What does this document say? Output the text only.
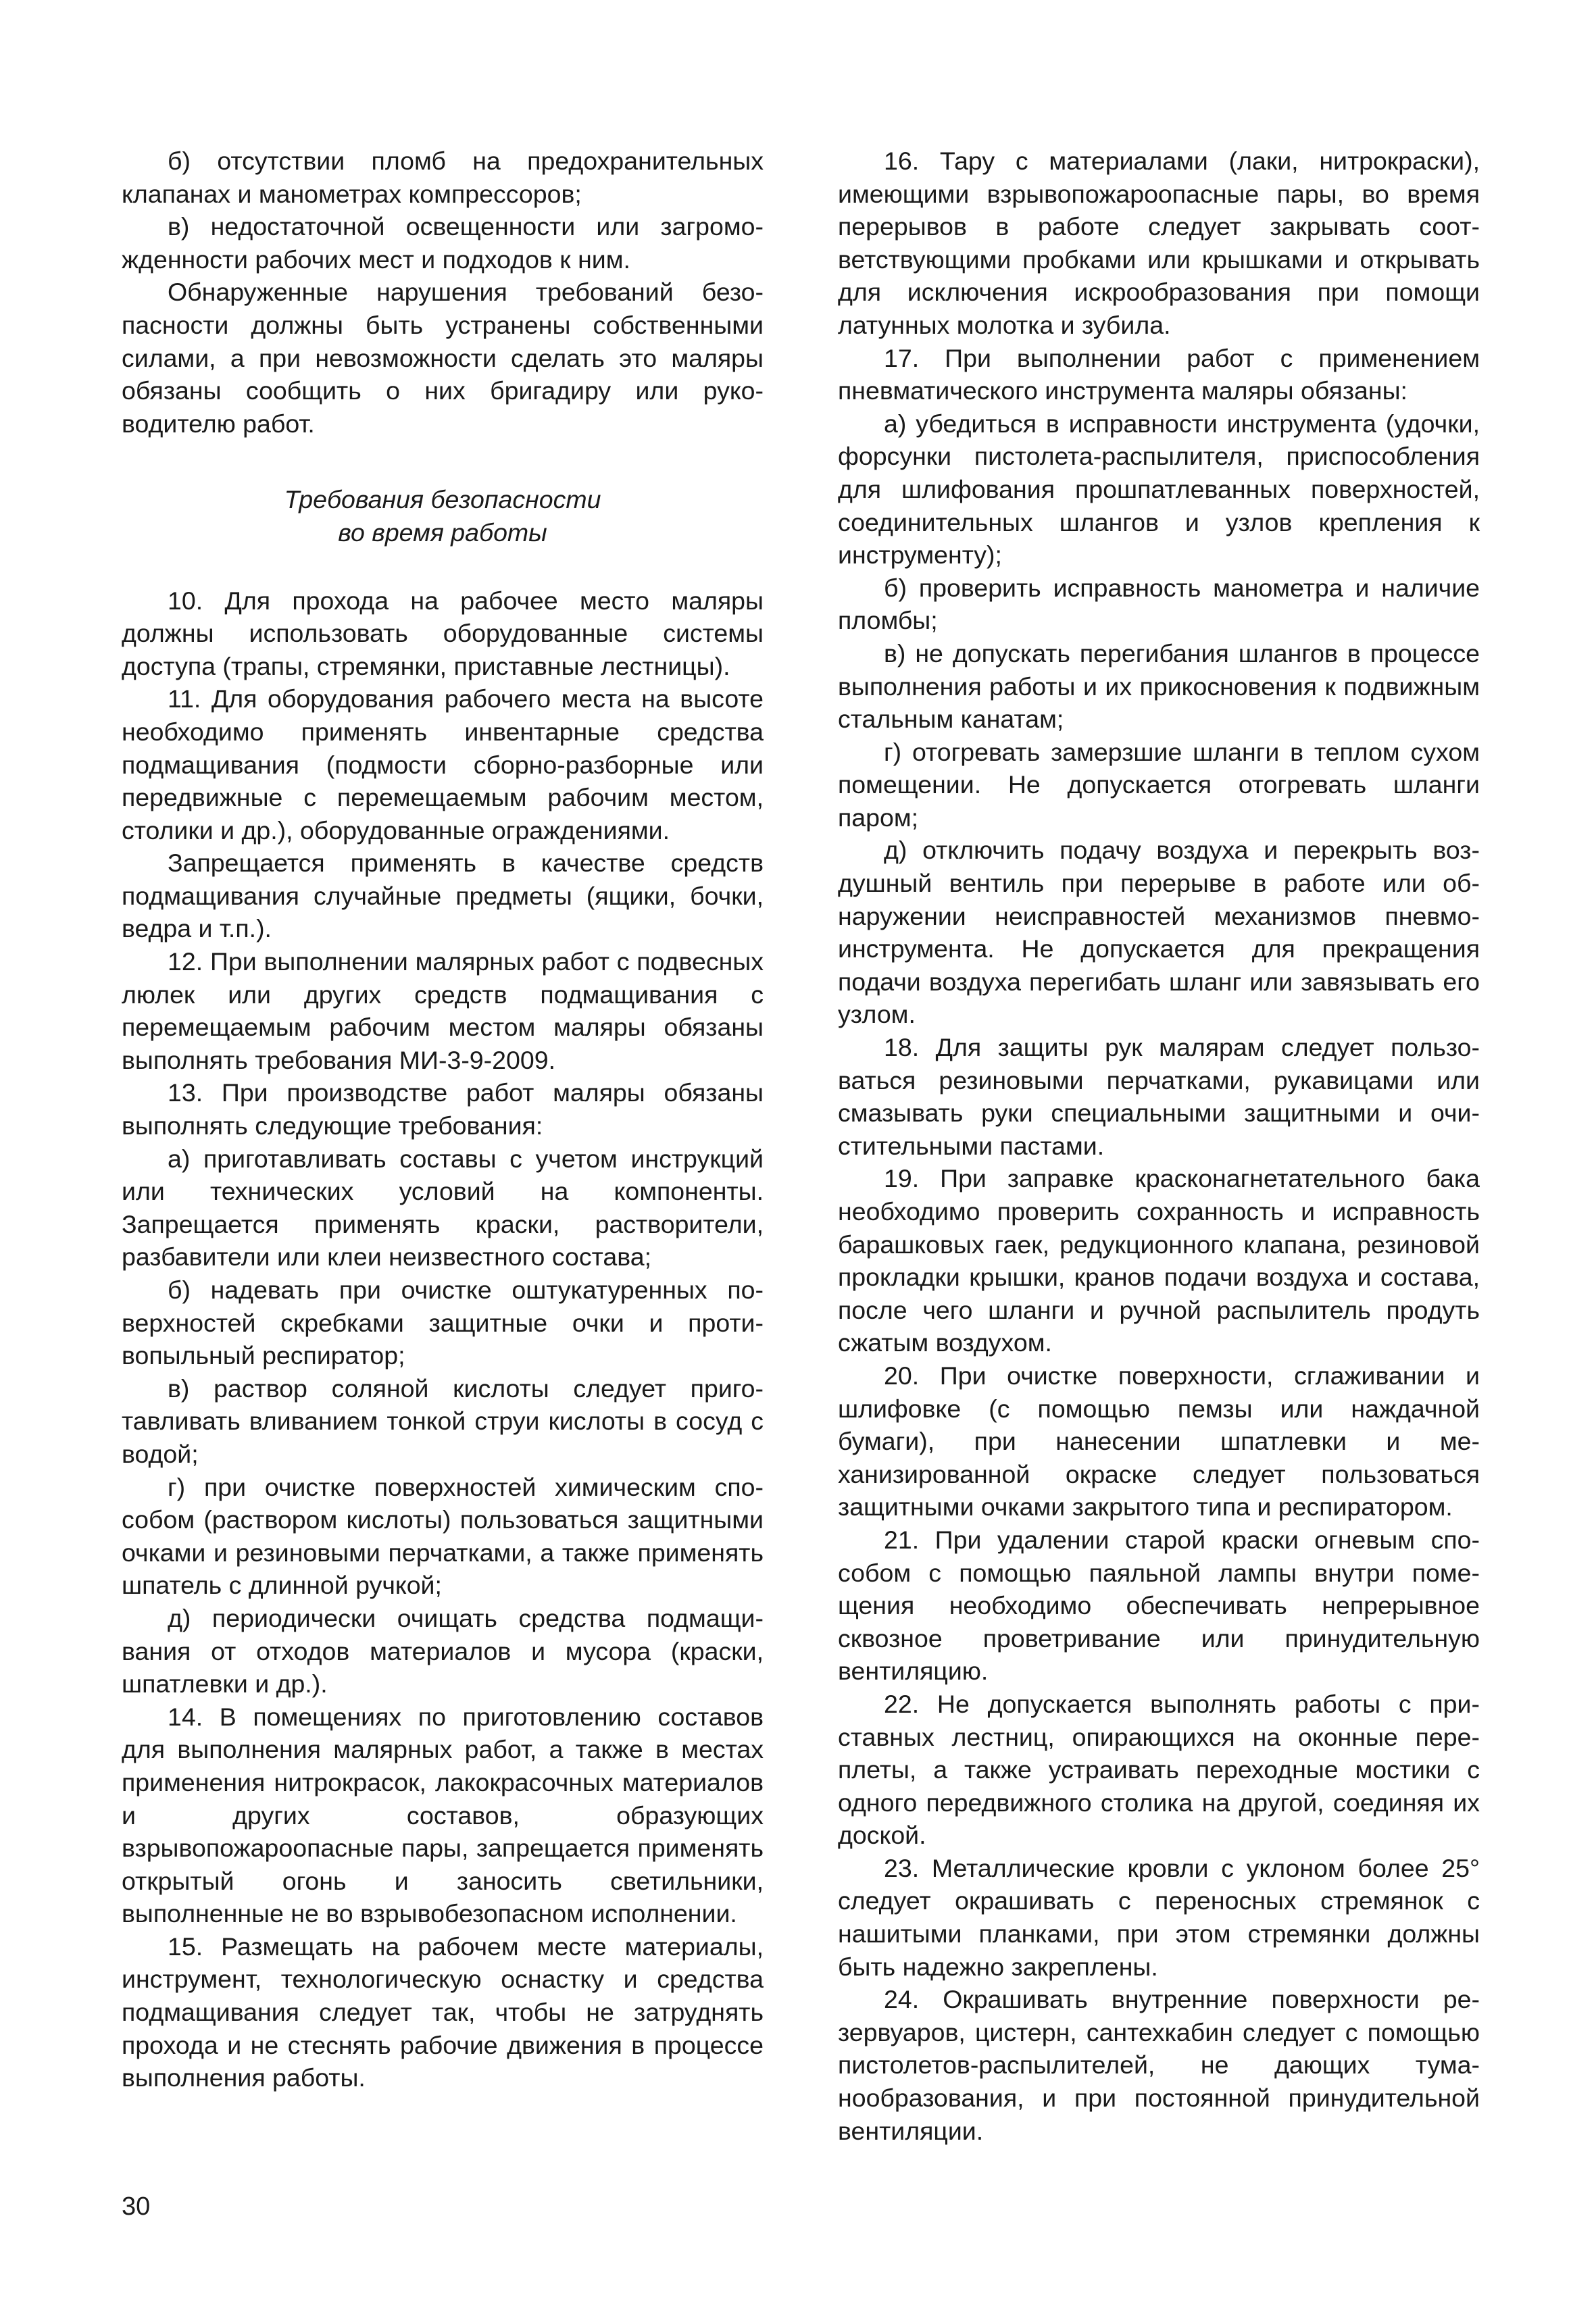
б) отсутствии пломб на предохранительных клапанах и манометрах компрессоров;

в) недостаточной освещенности или загроможденности рабочих мест и подходов к ним.

Обнаруженные нарушения требований безопасности должны быть устранены собственными силами, а при невозможности сделать это маляры обязаны сообщить о них бригадиру или руководителю работ.

Требования безопасности

во время работы

10. Для прохода на рабочее место маляры должны использовать оборудованные системы доступа (трапы, стремянки, приставные лестницы).

11. Для оборудования рабочего места на высоте необходимо применять инвентарные средства подмащивания (подмости сборно-разборные или передвижные с перемещаемым рабочим местом, столики и др.), оборудованные ограждениями.

Запрещается применять в качестве средств подмащивания случайные предметы (ящики, бочки, ведра и т.п.).

12. При выполнении малярных работ с подвесных люлек или других средств подмащивания с перемещаемым рабочим местом маляры обязаны выполнять требования МИ-3-9-2009.

13. При производстве работ маляры обязаны выполнять следующие требования:

а) приготавливать составы с учетом инструкций или технических условий на компоненты. Запрещается применять краски, растворители, разбавители или клеи неизвестного состава;

б) надевать при очистке оштукатуренных поверхностей скребками защитные очки и противопыльный респиратор;

в) раствор соляной кислоты следует приготавливать вливанием тонкой струи кислоты в сосуд с водой;

г) при очистке поверхностей химическим способом (раствором кислоты) пользоваться защитными очками и резиновыми перчатками, а также применять шпатель с длинной ручкой;

д) периодически очищать средства подмащивания от отходов материалов и мусора (краски, шпатлевки и др.).

14. В помещениях по приготовлению составов для выполнения малярных работ, а также в местах применения нитрокрасок, лакокрасочных материалов и других составов, образующих взрывопожароопасные пары, запрещается применять открытый огонь и заносить светильники, выполненные не во взрывобезопасном исполнении.

15. Размещать на рабочем месте материалы, инструмент, технологическую оснастку и средства подмащивания следует так, чтобы не затруднять прохода и не стеснять рабочие движения в процессе выполнения работы.

16. Тару с материалами (лаки, нитрокраски), имеющими взрывопожароопасные пары, во время перерывов в работе следует закрывать соответствующими пробками или крышками и открывать для исключения искрообразования при помощи латунных молотка и зубила.

17. При выполнении работ с применением пневматического инструмента маляры обязаны:

а) убедиться в исправности инструмента (удочки, форсунки пистолета-распылителя, приспособления для шлифования прошпатлеванных поверхностей, соединительных шлангов и узлов крепления к инструменту);

б) проверить исправность манометра и наличие пломбы;

в) не допускать перегибания шлангов в процессе выполнения работы и их прикосновения к подвижным стальным канатам;

г) отогревать замерзшие шланги в теплом сухом помещении. Не допускается отогревать шланги паром;

д) отключить подачу воздуха и перекрыть воздушный вентиль при перерыве в работе или обнаружении неисправностей механизмов пневмоинструмента. Не допускается для прекращения подачи воздуха перегибать шланг или завязывать его узлом.

18. Для защиты рук малярам следует пользоваться резиновыми перчатками, рукавицами или смазывать руки специальными защитными и очистительными пастами.

19. При заправке красконагнетательного бака необходимо проверить сохранность и исправность барашковых гаек, редукционного клапана, резиновой прокладки крышки, кранов подачи воздуха и состава, после чего шланги и ручной распылитель продуть сжатым воздухом.

20. При очистке поверхности, сглаживании и шлифовке (с помощью пемзы или наждачной бумаги), при нанесении шпатлевки и механизированной окраске следует пользоваться защитными очками закрытого типа и респиратором.

21. При удалении старой краски огневым способом с помощью паяльной лампы внутри помещения необходимо обеспечивать непрерывное сквозное проветривание или принудительную вентиляцию.

22. Не допускается выполнять работы с приставных лестниц, опирающихся на оконные переплеты, а также устраивать переходные мостики с одного передвижного столика на другой, соединяя их доской.

23. Металлические кровли с уклоном более 25° следует окрашивать с переносных стремянок с нашитыми планками, при этом стремянки должны быть надежно закреплены.

24. Окрашивать внутренние поверхности резервуаров, цистерн, сантехкабин следует с помощью пистолетов-распылителей, не дающих туманообразования, и при постоянной принудительной вентиляции.

30
